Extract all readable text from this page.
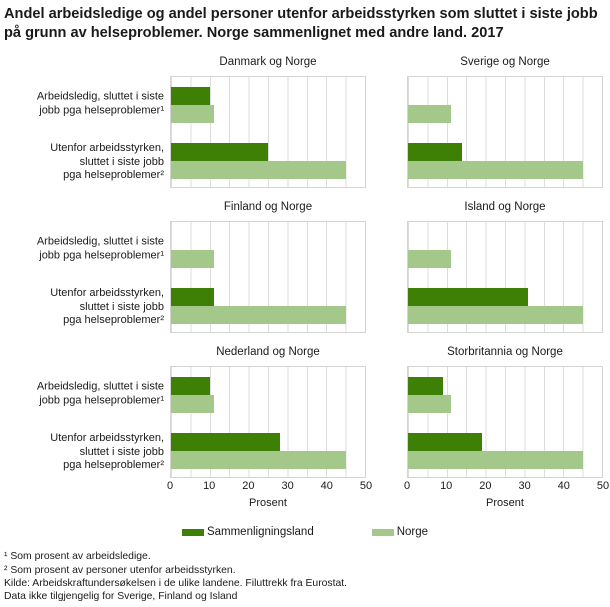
Andel arbeidsledige og andel personer utenfor arbeidsstyrken som sluttet i siste jobb på grunn av helseproblemer. Norge sammenlignet med andre land. 2017
Arbeidsledig, sluttet i siste
jobb pga helseproblemer¹
Utenfor arbeidsstyrken,
sluttet i siste jobb
pga helseproblemer²
Danmark og Norge	Sverige og Norge
Arbeidsledig, sluttet i siste
jobb pga helseproblemer¹
Utenfor arbeidsstyrken,
sluttet i siste jobb
pga helseproblemer²
Finland og Norge	Island og Norge
Arbeidsledig, sluttet i siste
jobb pga helseproblemer¹
Utenfor arbeidsstyrken,
sluttet i siste jobb
pga helseproblemer²
Nederland og Norge
0	10 20 30 40 50
Prosent
Storbritannia og Norge
0	10 20 30 40 50
Prosent
Sammenligningsland	Norge
¹ Som prosent av arbeidsledige.
² Som prosent av personer utenfor arbeidsstyrken.
Kilde: Arbeidskraftundersøkelsen i de ulike landene. Filuttrekk fra Eurostat.
Data ikke tilgjengelig for Sverige, Finland og Island
